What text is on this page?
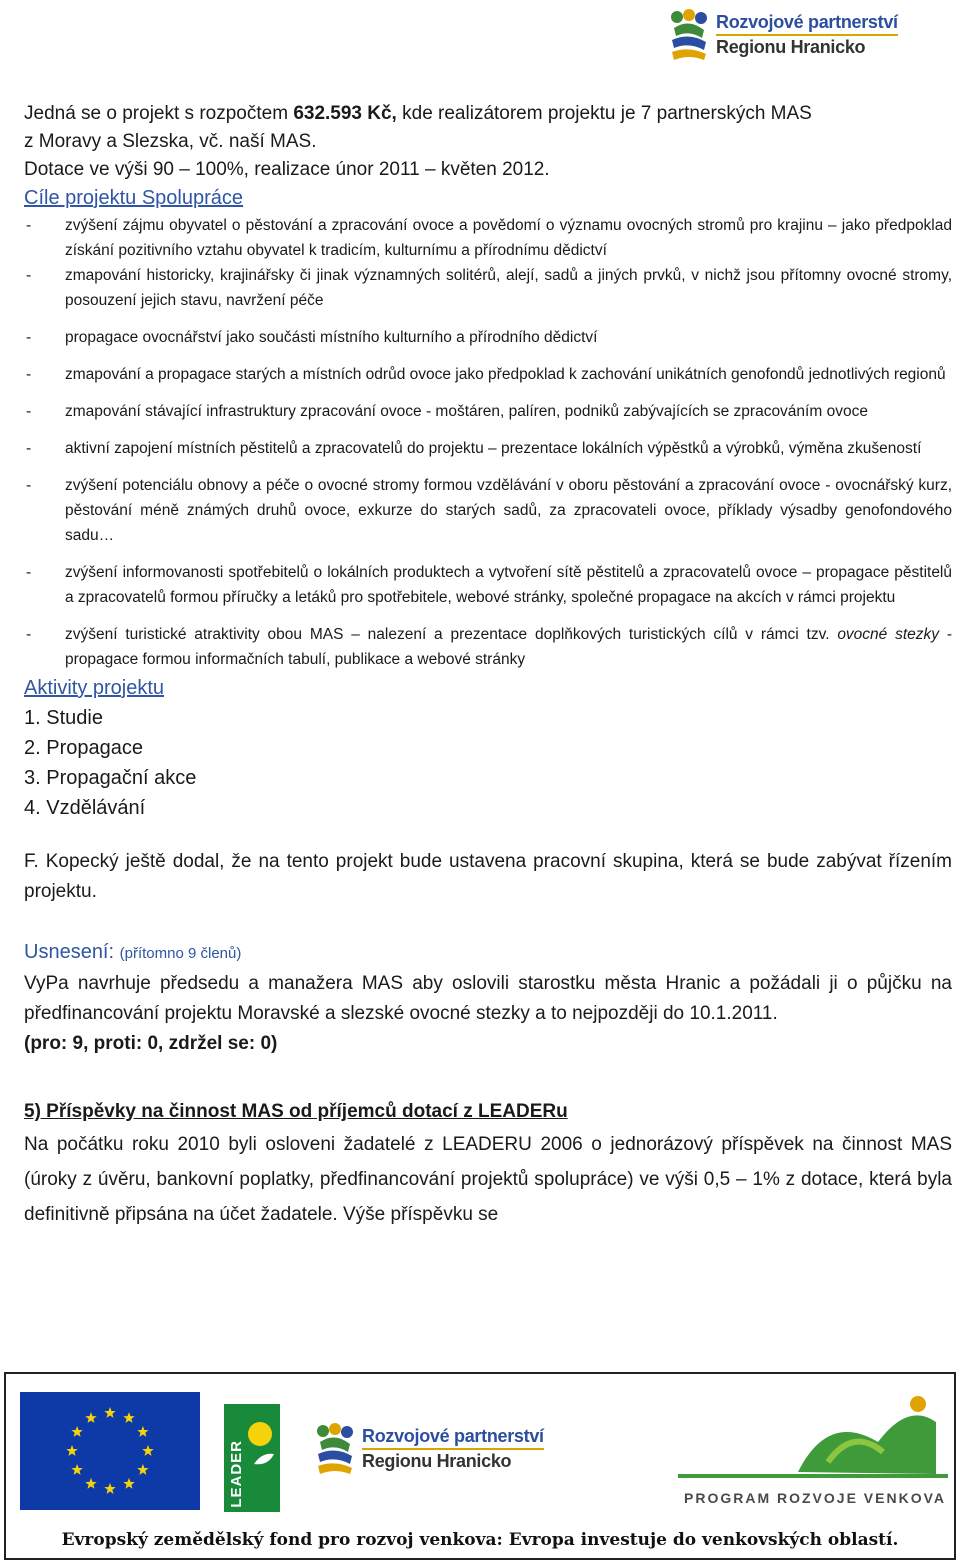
Rozvojové partnerství
Regionu Hranicko

Jedná se o projekt s rozpočtem 632.593 Kč, kde realizátorem projektu je 7 partnerských MAS

z Moravy a Slezska, vč. naší MAS.

Dotace ve výši 90 – 100%, realizace únor 2011 – květen 2012.

Cíle projektu Spolupráce

- zvýšení zájmu obyvatel o pěstování a zpracování ovoce a povědomí o významu ovocných stromů pro krajinu – jako předpoklad získání pozitivního vztahu obyvatel k tradicím, kulturnímu a přírodnímu dědictví
- zmapování historicky, krajinářsky či jinak významných solitérů, alejí, sadů a jiných prvků, v nichž jsou přítomny ovocné stromy, posouzení jejich stavu, navržení péče
- propagace ovocnářství jako součásti místního kulturního a přírodního dědictví
- zmapování a propagace starých a místních odrůd ovoce jako předpoklad k zachování unikátních genofondů jednotlivých regionů
- zmapování stávající infrastruktury zpracování ovoce - moštáren, palíren, podniků zabývajících se zpracováním ovoce
- aktivní zapojení místních pěstitelů a zpracovatelů do projektu – prezentace lokálních výpěstků a výrobků, výměna zkušeností
- zvýšení potenciálu obnovy a péče o ovocné stromy formou vzdělávání v oboru pěstování a zpracování ovoce - ovocnářský kurz, pěstování méně známých druhů ovoce, exkurze do starých sadů, za zpracovateli ovoce, příklady výsadby genofondového sadu…
- zvýšení informovanosti spotřebitelů o lokálních produktech a vytvoření sítě pěstitelů a zpracovatelů ovoce – propagace pěstitelů a zpracovatelů formou příručky a letáků pro spotřebitele, webové stránky, společné propagace na akcích v rámci projektu
- zvýšení turistické atraktivity obou MAS – nalezení a prezentace doplňkových turistických cílů v rámci tzv. ovocné stezky - propagace formou informačních tabulí, publikace a webové stránky

Aktivity projektu

1. Studie
2. Propagace
3. Propagační akce
4. Vzdělávání

F. Kopecký ještě dodal, že na tento projekt bude ustavena pracovní skupina, která se bude zabývat řízením projektu.

Usnesení: (přítomno 9 členů)

VyPa navrhuje předsedu a manažera MAS aby oslovili starostku města Hranic a požádali ji o půjčku na předfinancování projektu Moravské a slezské ovocné stezky a to nejpozději do 10.1.2011.

(pro: 9, proti: 0, zdržel se: 0)

5) Příspěvky na činnost MAS od příjemců dotací z LEADERu

Na počátku roku 2010 byli osloveni žadatelé z LEADERU 2006 o jednorázový příspěvek na činnost MAS (úroky z úvěru, bankovní poplatky, předfinancování projektů spolupráce) ve výši 0,5 – 1% z dotace, která byla definitivně připsána na účet žadatele. Výše příspěvku se

LEADER
Rozvojové partnerství
Regionu Hranicko
PROGRAM ROZVOJE VENKOVA
Evropský zemědělský fond pro rozvoj venkova: Evropa investuje do venkovských oblastí.
